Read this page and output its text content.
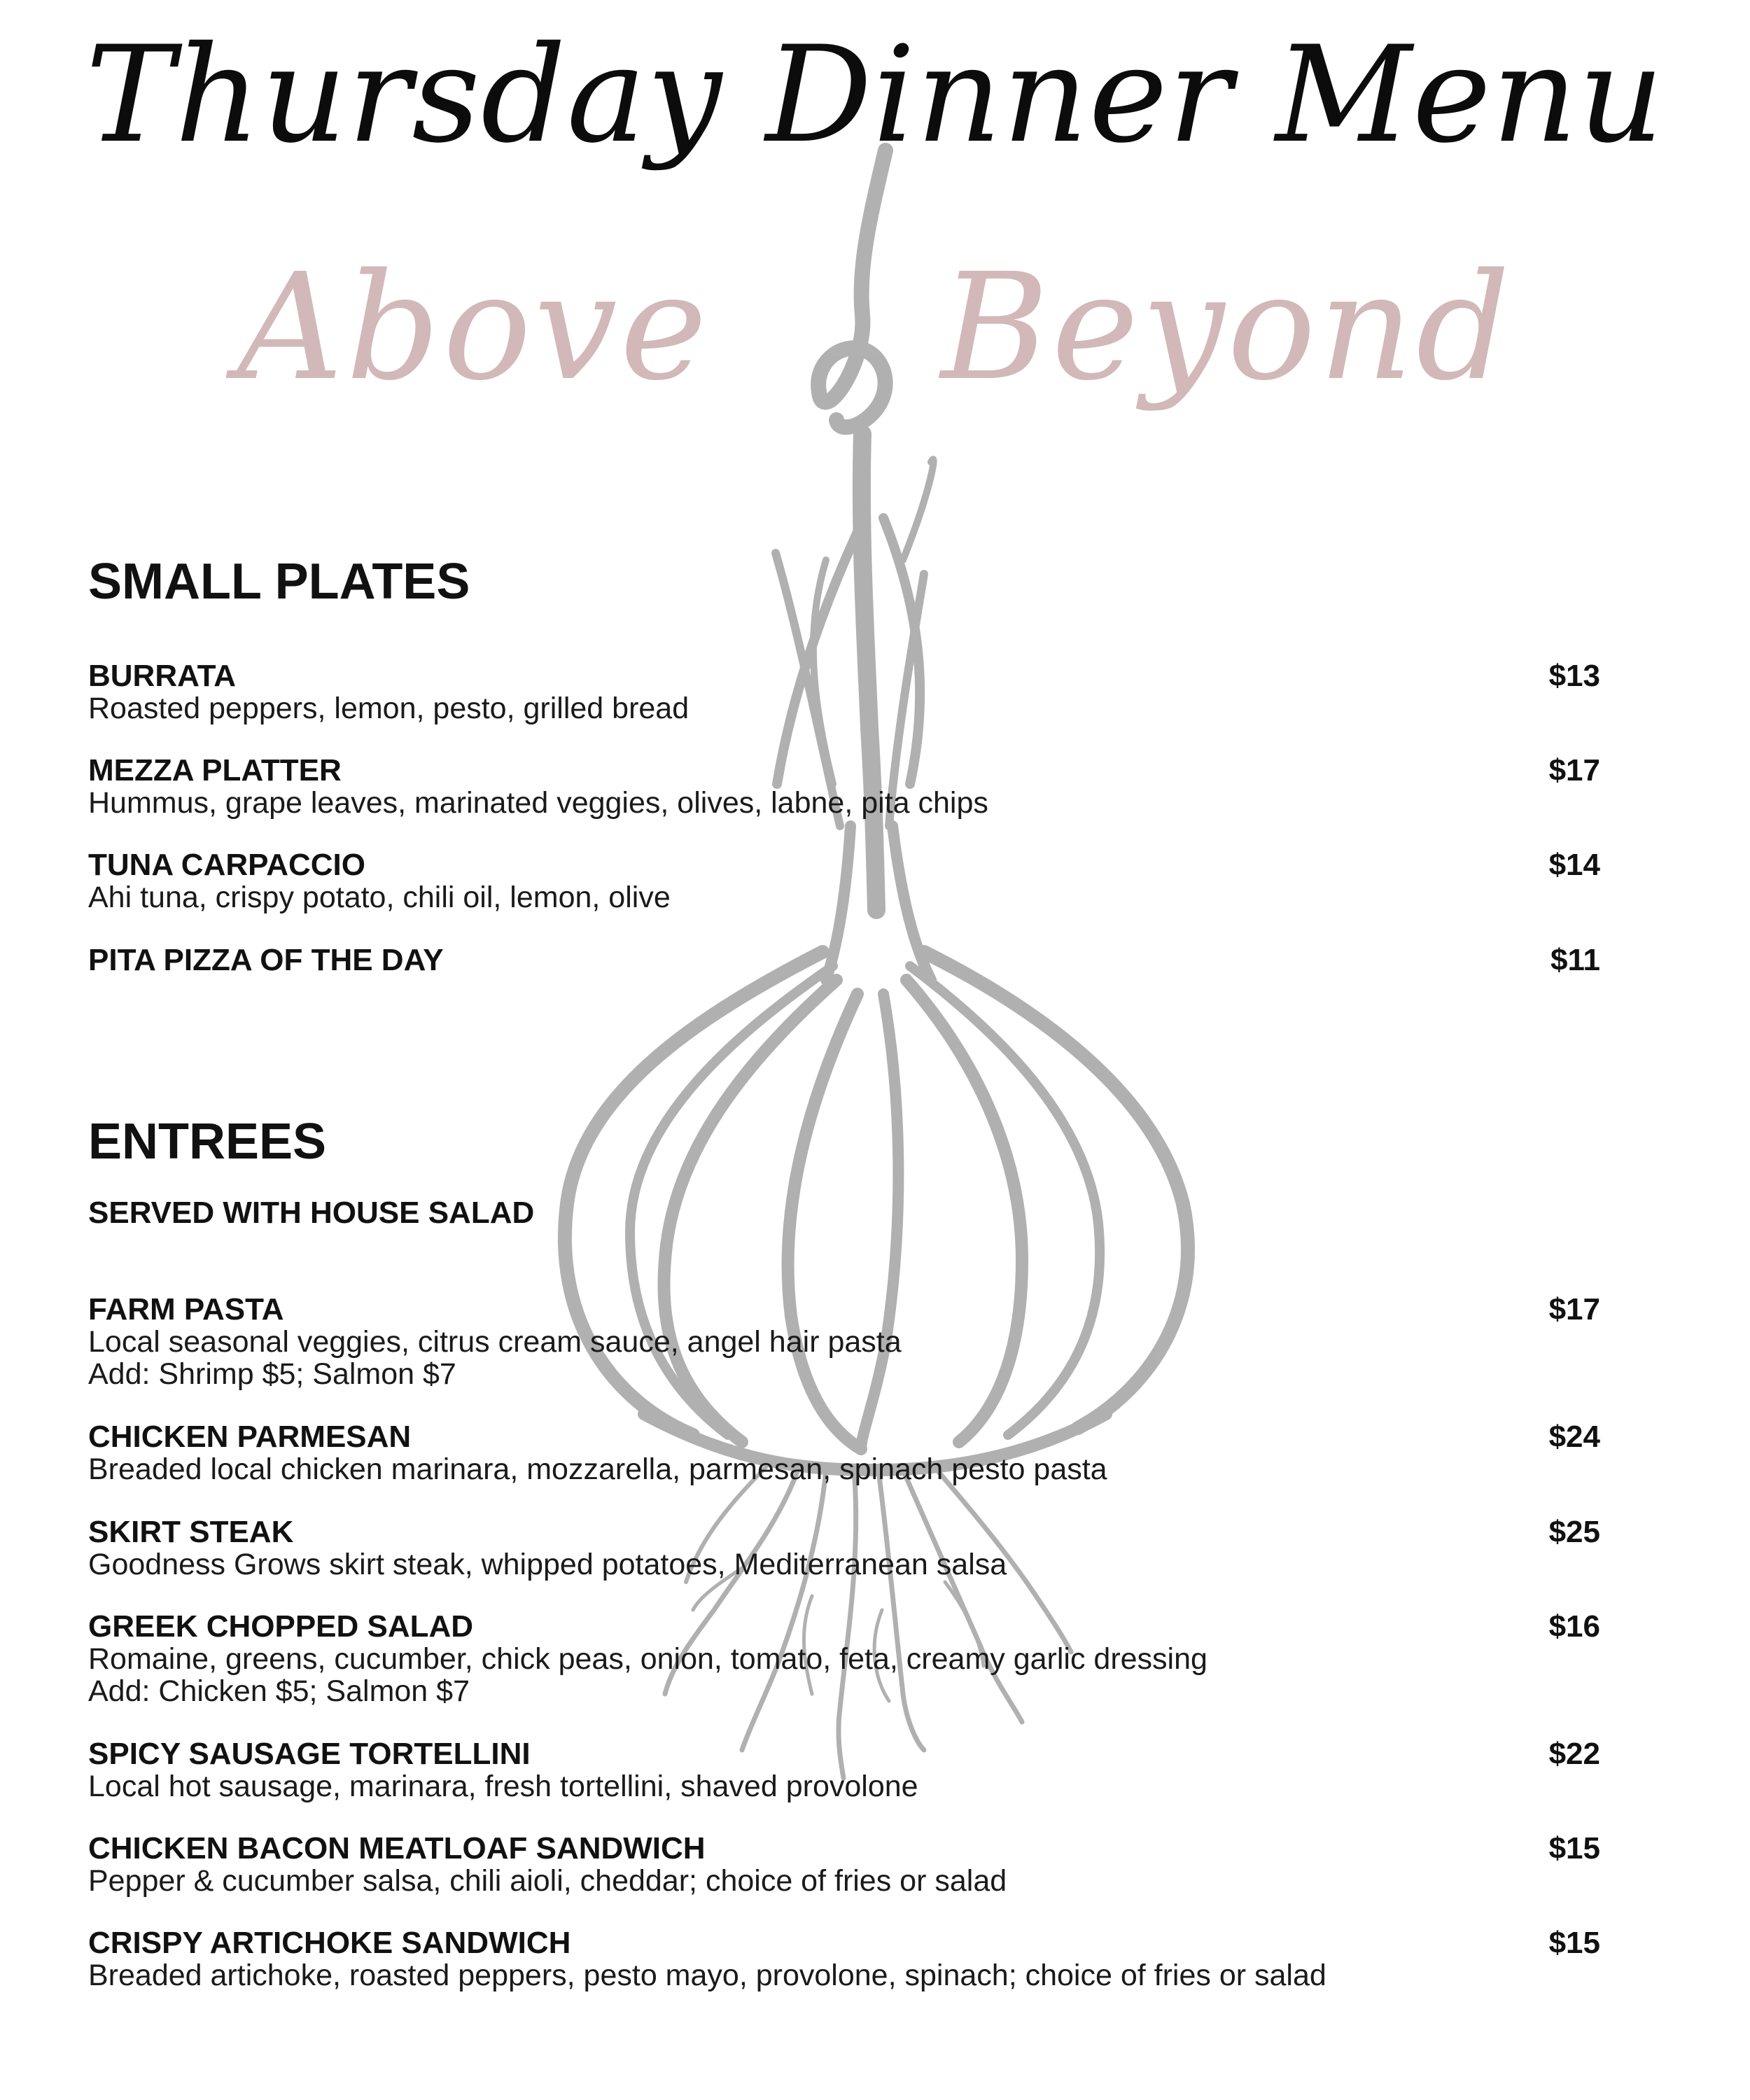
Thursday Dinner Menu
Above Beyond
SMALL PLATES
BURRATA
Roasted peppers, lemon, pesto, grilled bread
$13
MEZZA PLATTER
Hummus, grape leaves, marinated veggies, olives, labne, pita chips
$17
TUNA CARPACCIO
Ahi tuna, crispy potato, chili oil, lemon, olive
$14
PITA PIZZA OF THE DAY	$11
ENTREES
SERVED WITH HOUSE SALAD
FARM PASTA
Local seasonal veggies, citrus cream sauce, angel hair pasta
Add: Shrimp $5; Salmon $7
$17
CHICKEN PARMESAN
Breaded local chicken marinara, mozzarella, parmesan, spinach pesto pasta
$24
SKIRT STEAK
Goodness Grows skirt steak, whipped potatoes, Mediterranean salsa
$25
GREEK CHOPPED SALAD
Romaine, greens, cucumber, chick peas, onion, tomato, feta, creamy garlic dressing
Add: Chicken $5; Salmon $7
$16
SPICY SAUSAGE TORTELLINI
Local hot sausage, marinara, fresh tortellini, shaved provolone
$22
CHICKEN BACON MEATLOAF SANDWICH
Pepper & cucumber salsa, chili aioli, cheddar; choice of fries or salad
$15
CRISPY ARTICHOKE SANDWICH
Breaded artichoke, roasted peppers, pesto mayo, provolone, spinach; choice of fries or salad
$15
